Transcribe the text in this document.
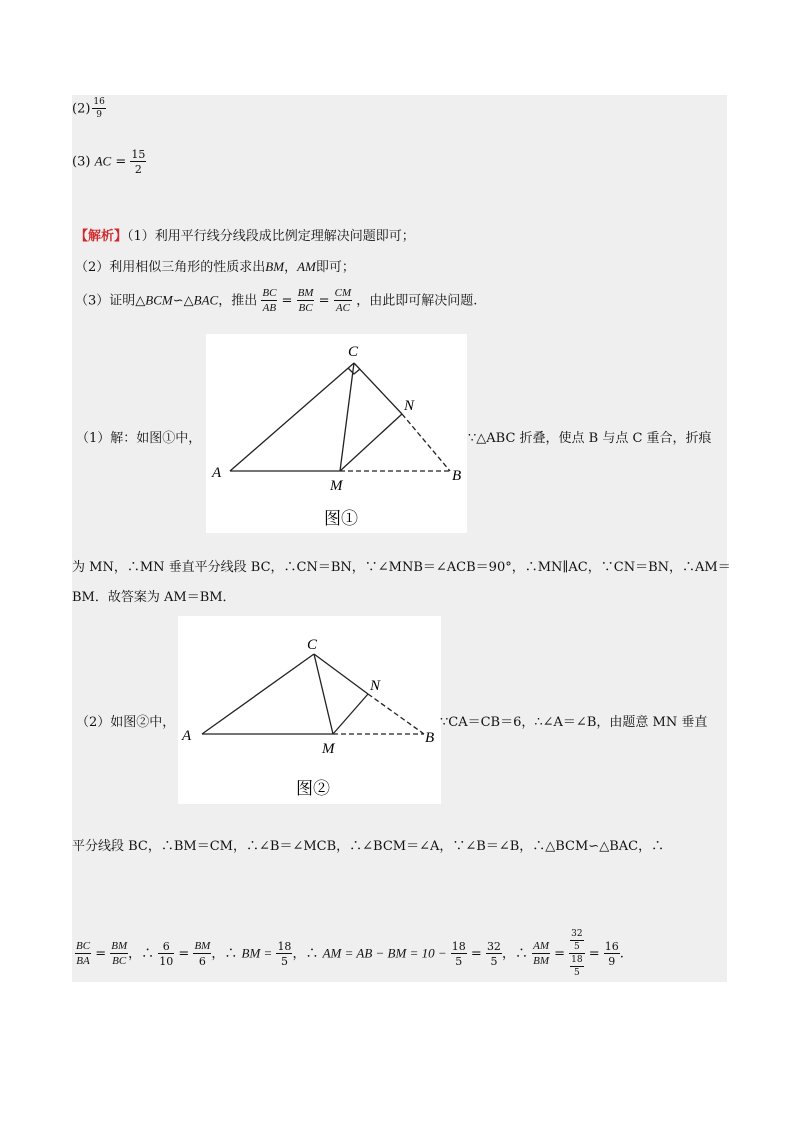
$(2) \frac{16}{9}$
(3) AC = $\frac{15}{2}$
【解析】（1）利用平行线分线段成比例定理解决问题即可；
（2）利用相似三角形的性质求出BM，AM即可；
（3）证明△BCM∽△BAC，推出 $\frac{BC}{AB} = \frac{BM}{BC} = \frac{CM}{AC}$ ，由此即可解决问题.
C
N
A	B
M
图①
（1）解：如图①中，	∵△ABC 折叠，使点 B 与点 C 重合，折痕
为 MN，∴MN 垂直平分线段 BC，∴CN＝BN，∵∠MNB＝∠ACB＝90°，∴MN∥AC，∵CN＝BN，∴AM＝
BM．故答案为 AM＝BM．
C
N
A	B
M
图②
（2）如图②中，	∵CA＝CB＝6，∴∠A＝∠B，由题意 MN 垂直
平分线段 BC，∴BM＝CM，∴∠B＝∠MCB，∴∠BCM＝∠A，∵∠B＝∠B，∴△BCM∽△BAC，∴
$\frac{BC}{BA} = \frac{BM}{BC}$ ，∴ $\frac{6}{10} = \frac{BM}{6}$ ，∴ BM = $\frac{18}{5}$ ，∴ AM = AB − BM = $10 - \frac{18}{5} = \frac{32}{5}$ ，∴ $\frac{AM}{BM} = \frac{\frac{32}{5}}{\frac{18}{5}} = \frac{16}{9}$ .
